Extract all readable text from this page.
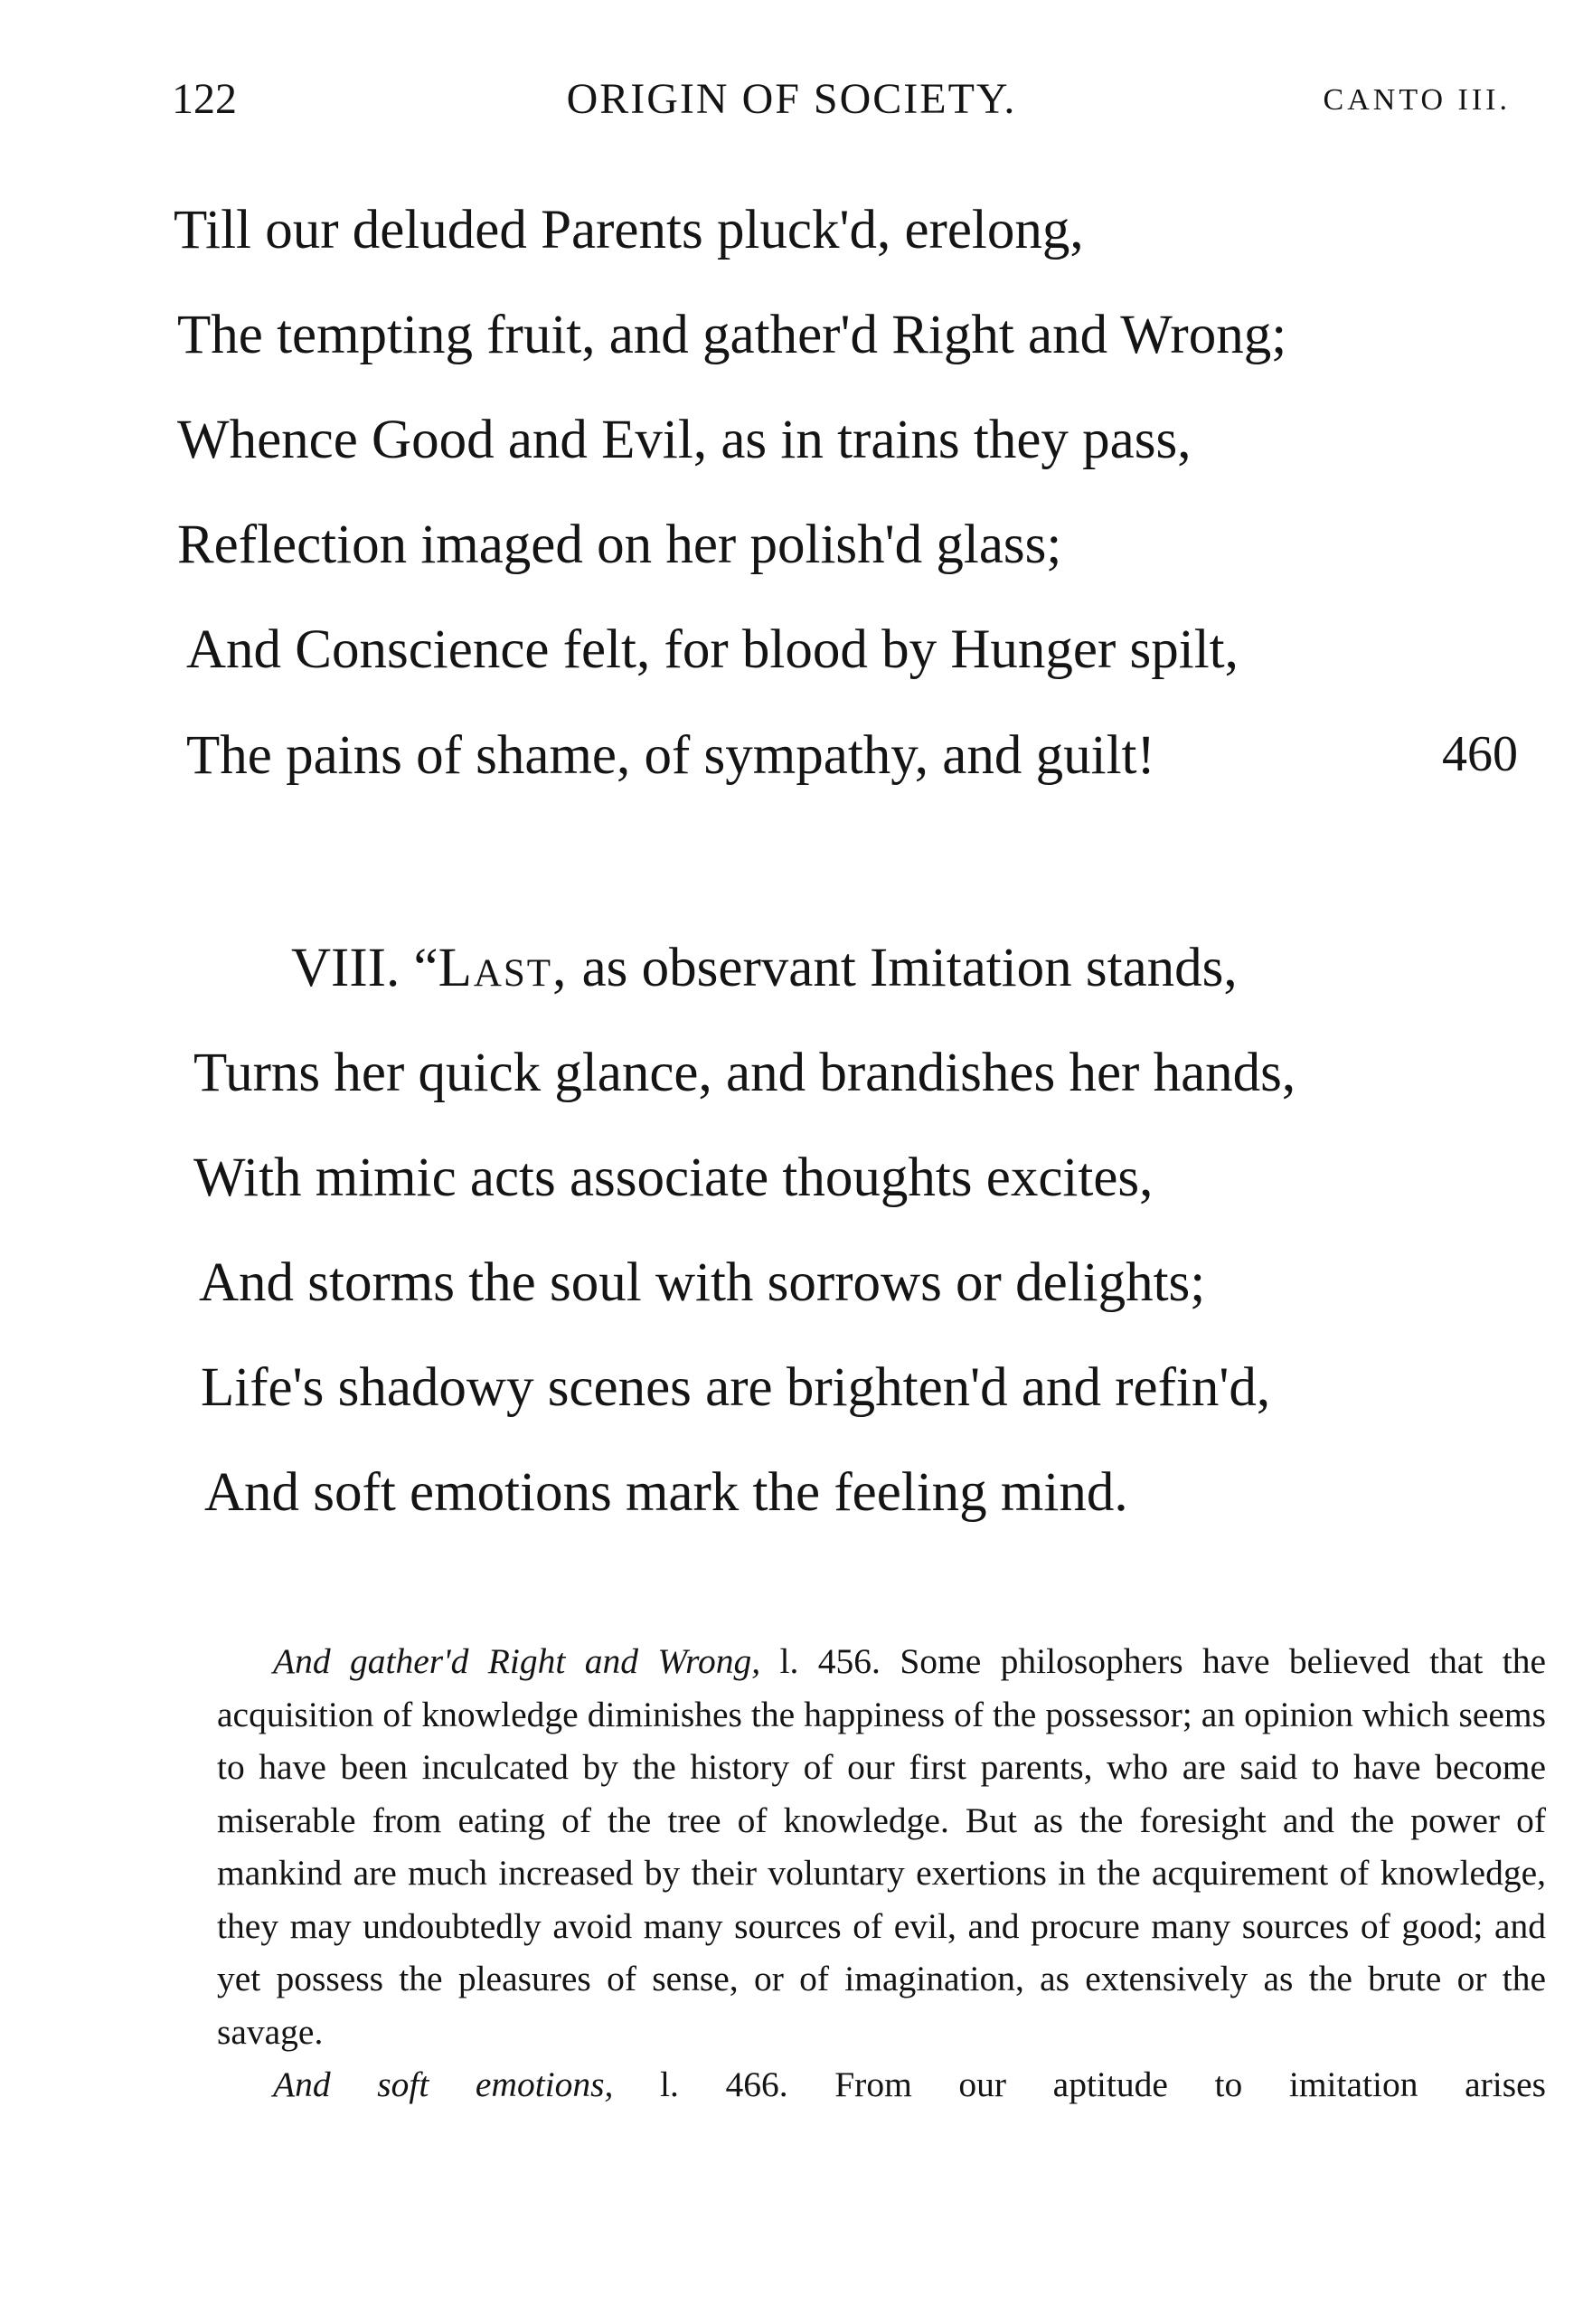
122	ORIGIN OF SOCIETY.	CANTO III.
Till our deluded Parents pluck'd, erelong,
The tempting fruit, and gather'd Right and Wrong;
Whence Good and Evil, as in trains they pass,
Reflection imaged on her polish'd glass;
And Conscience felt, for blood by Hunger spilt,
The pains of shame, of sympathy, and guilt!	460
VIII. “Last, as observant Imitation stands,
Turns her quick glance, and brandishes her hands,
With mimic acts associate thoughts excites,
And storms the soul with sorrows or delights;
Life's shadowy scenes are brighten'd and refin'd,
And soft emotions mark the feeling mind.

And gather'd Right and Wrong, l. 456. Some philosophers have believed that the acquisition of knowledge diminishes the happiness of the possessor; an opinion which seems to have been inculcated by the history of our first parents, who are said to have become miserable from eating of the tree of knowledge. But as the foresight and the power of mankind are much increased by their voluntary exertions in the acquirement of knowledge, they may undoubtedly avoid many sources of evil, and procure many sources of good; and yet possess the pleasures of sense, or of imagination, as extensively as the brute or the savage.

And soft emotions, l. 466. From our aptitude to imitation arises
